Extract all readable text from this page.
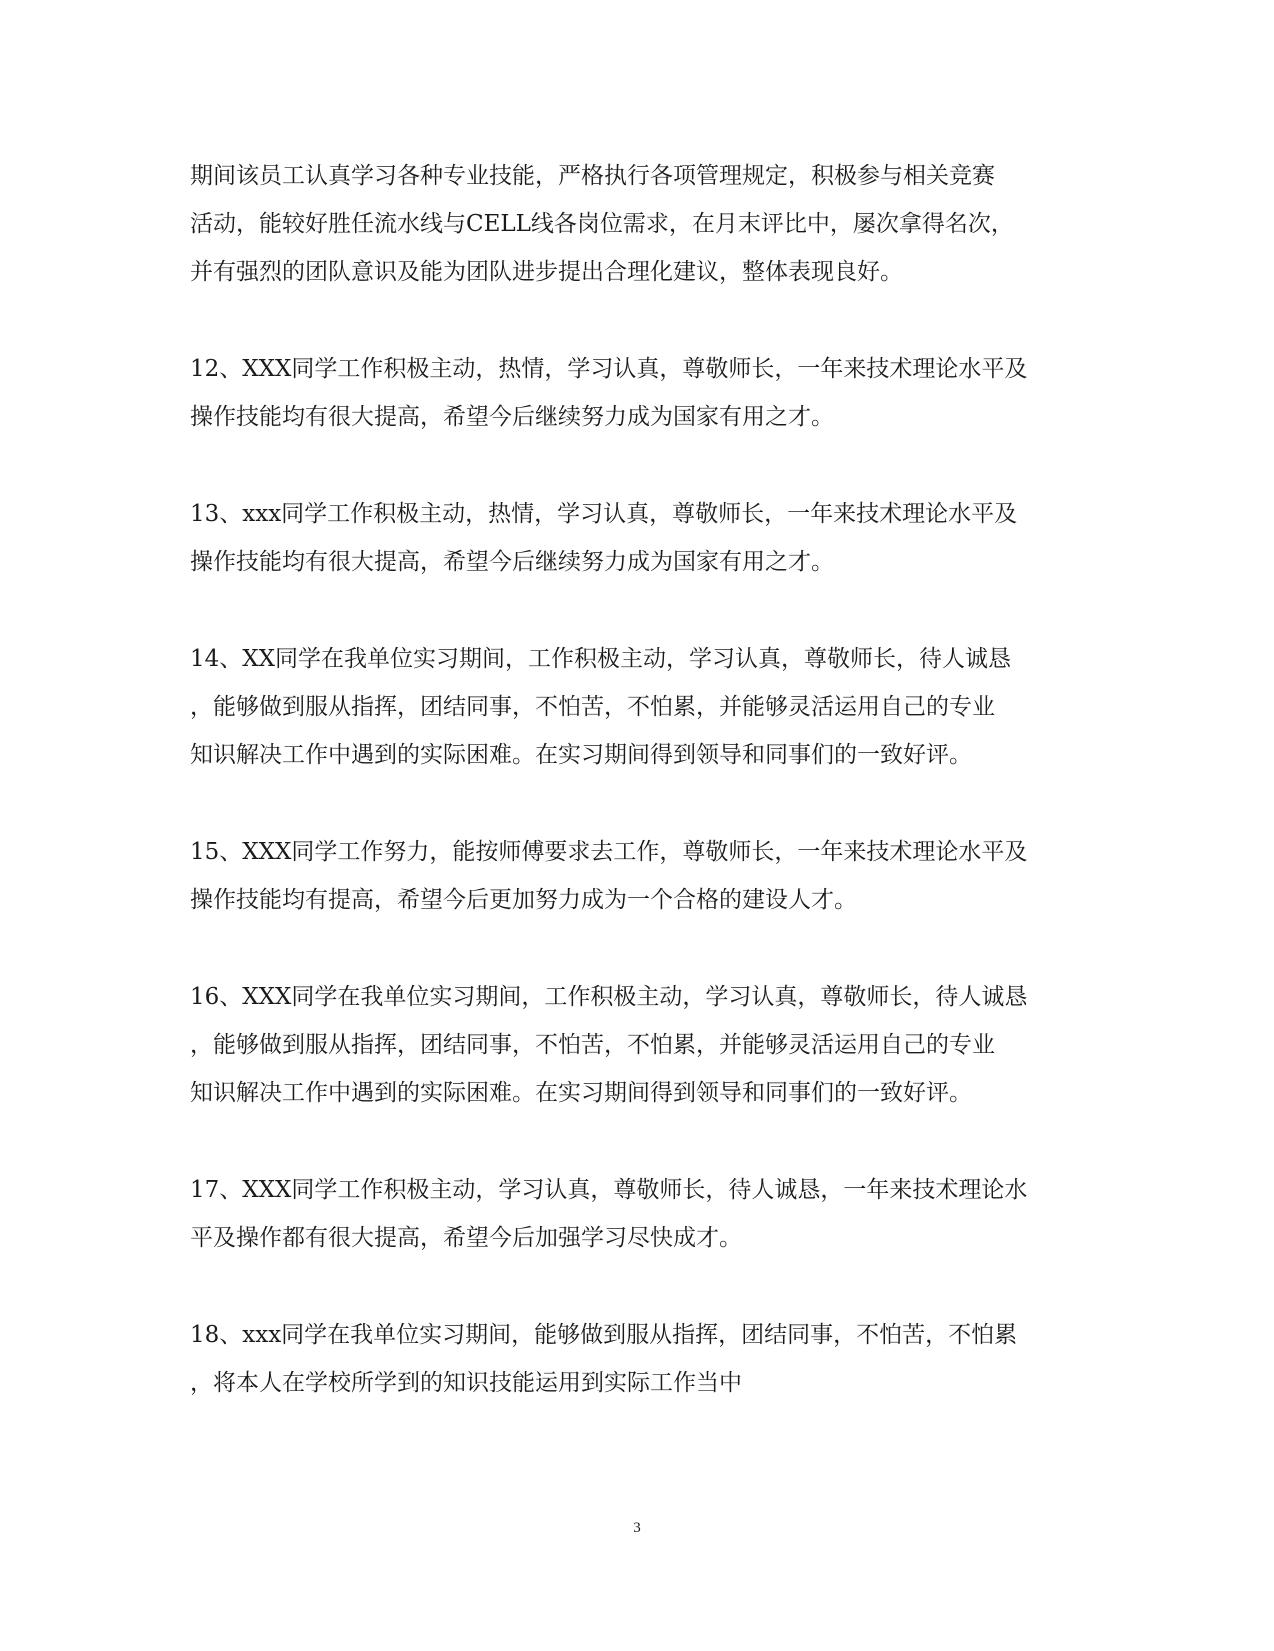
期间该员工认真学习各种专业技能，严格执行各项管理规定，积极参与相关竞赛
活动，能较好胜任流水线与CELL线各岗位需求，在月末评比中，屡次拿得名次，
并有强烈的团队意识及能为团队进步提出合理化建议，整体表现良好。

12、XXX同学工作积极主动，热情，学习认真，尊敬师长，一年来技术理论水平及
操作技能均有很大提高，希望今后继续努力成为国家有用之才。

13、xxx同学工作积极主动，热情，学习认真，尊敬师长，一年来技术理论水平及
操作技能均有很大提高，希望今后继续努力成为国家有用之才。

14、XX同学在我单位实习期间，工作积极主动，学习认真，尊敬师长，待人诚恳
，能够做到服从指挥，团结同事，不怕苦，不怕累，并能够灵活运用自己的专业
知识解决工作中遇到的实际困难。在实习期间得到领导和同事们的一致好评。

15、XXX同学工作努力，能按师傅要求去工作，尊敬师长，一年来技术理论水平及
操作技能均有提高，希望今后更加努力成为一个合格的建设人才。

16、XXX同学在我单位实习期间，工作积极主动，学习认真，尊敬师长，待人诚恳
，能够做到服从指挥，团结同事，不怕苦，不怕累，并能够灵活运用自己的专业
知识解决工作中遇到的实际困难。在实习期间得到领导和同事们的一致好评。

17、XXX同学工作积极主动，学习认真，尊敬师长，待人诚恳，一年来技术理论水
平及操作都有很大提高，希望今后加强学习尽快成才。

18、xxx同学在我单位实习期间，能够做到服从指挥，团结同事，不怕苦，不怕累
，将本人在学校所学到的知识技能运用到实际工作当中

3
